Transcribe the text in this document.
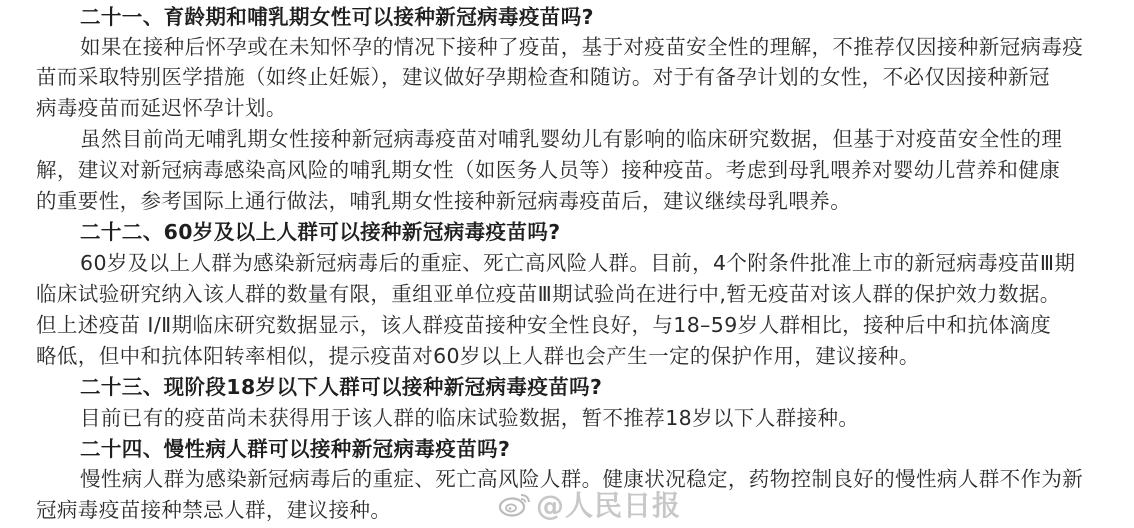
二十一、育龄期和哺乳期女性可以接种新冠病毒疫苗吗?
如果在接种后怀孕或在未知怀孕的情况下接种了疫苗，基于对疫苗安全性的理解，不推荐仅因接种新冠病毒疫
苗而采取特别医学措施（如终止妊娠），建议做好孕期检查和随访。对于有备孕计划的女性，不必仅因接种新冠
病毒疫苗而延迟怀孕计划。
虽然目前尚无哺乳期女性接种新冠病毒疫苗对哺乳婴幼儿有影响的临床研究数据，但基于对疫苗安全性的理
解，建议对新冠病毒感染高风险的哺乳期女性（如医务人员等）接种疫苗。考虑到母乳喂养对婴幼儿营养和健康
的重要性，参考国际上通行做法，哺乳期女性接种新冠病毒疫苗后，建议继续母乳喂养。
二十二、60岁及以上人群可以接种新冠病毒疫苗吗?
60岁及以上人群为感染新冠病毒后的重症、死亡高风险人群。目前，4个附条件批准上市的新冠病毒疫苗Ⅲ期
临床试验研究纳入该人群的数量有限，重组亚单位疫苗Ⅲ期试验尚在进行中,暂无疫苗对该人群的保护效力数据。
但上述疫苗 Ⅰ/Ⅱ期临床研究数据显示，该人群疫苗接种安全性良好，与18–59岁人群相比，接种后中和抗体滴度
略低，但中和抗体阳转率相似，提示疫苗对60岁以上人群也会产生一定的保护作用，建议接种。
二十三、现阶段18岁以下人群可以接种新冠病毒疫苗吗?
目前已有的疫苗尚未获得用于该人群的临床试验数据，暂不推荐18岁以下人群接种。
二十四、慢性病人群可以接种新冠病毒疫苗吗?
慢性病人群为感染新冠病毒后的重症、死亡高风险人群。健康状况稳定，药物控制良好的慢性病人群不作为新
冠病毒疫苗接种禁忌人群，建议接种。	@人民日报
